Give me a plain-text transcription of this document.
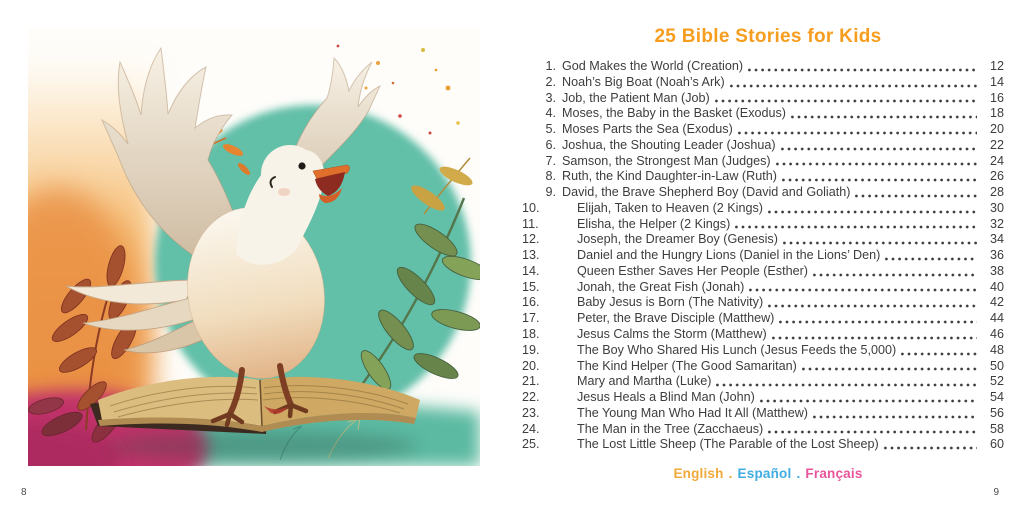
8
25 Bible Stories for Kids
1. God Makes the World (Creation)	12
2. Noah’s Big Boat (Noah’s Ark)	14
3. Job, the Patient Man (Job)	16
4. Moses, the Baby in the Basket (Exodus)	18
5. Moses Parts the Sea (Exodus)	20
6. Joshua, the Shouting Leader (Joshua)	22
7. Samson, the Strongest Man (Judges)	24
8. Ruth, the Kind Daughter-in-Law (Ruth)	26
9. David, the Brave Shepherd Boy (David and Goliath)	28
10.	Elijah, Taken to Heaven (2 Kings)	30
11.	Elisha, the Helper (2 Kings)	32
12.	Joseph, the Dreamer Boy (Genesis)	34
13.	Daniel and the Hungry Lions (Daniel in the Lions’ Den)	36
14.	Queen Esther Saves Her People (Esther)	38
15.	Jonah, the Great Fish (Jonah)	40
16.	Baby Jesus is Born (The Nativity)	42
17.	Peter, the Brave Disciple (Matthew)	44
18.	Jesus Calms the Storm (Matthew)	46
19.	The Boy Who Shared His Lunch (Jesus Feeds the 5,000)	48
20.	The Kind Helper (The Good Samaritan)	50
21.	Mary and Martha (Luke)	52
22.	Jesus Heals a Blind Man (John)	54
23.	The Young Man Who Had It All (Matthew)	56
24.	The Man in the Tree (Zacchaeus)	58
25.	The Lost Little Sheep (The Parable of the Lost Sheep)	60
English . Español . Français
9
